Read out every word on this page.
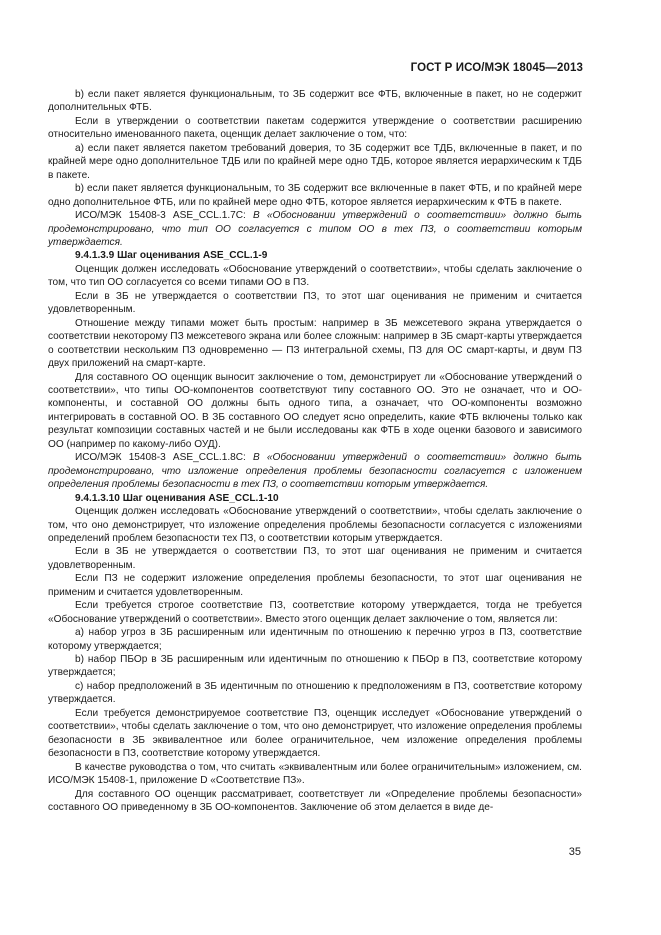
ГОСТ Р ИСО/МЭК 18045—2013

b) если пакет является функциональным, то ЗБ содержит все ФТБ, включенные в пакет, но не содержит дополнительных ФТБ.

Если в утверждении о соответствии пакетам содержится утверждение о соответствии расширению относительно именованного пакета, оценщик делает заключение о том, что:

a) если пакет является пакетом требований доверия, то ЗБ содержит все ТДБ, включенные в пакет, и по крайней мере одно дополнительное ТДБ или по крайней мере одно ТДБ, которое является иерархическим к ТДБ в пакете.

b) если пакет является функциональным, то ЗБ содержит все включенные в пакет ФТБ, и по крайней мере одно дополнительное ФТБ, или по крайней мере одно ФТБ, которое является иерархическим к ФТБ в пакете.

ИСО/МЭК 15408-3 ASE_CCL.1.7С: В «Обосновании утверждений о соответствии» должно быть продемонстрировано, что тип ОО согласуется с типом ОО в тех ПЗ, о соответствии которым утверждается.

9.4.1.3.9 Шаг оценивания ASE_CCL.1-9

Оценщик должен исследовать «Обоснование утверждений о соответствии», чтобы сделать заключение о том, что тип ОО согласуется со всеми типами ОО в ПЗ.

Если в ЗБ не утверждается о соответствии ПЗ, то этот шаг оценивания не применим и считается удовлетворенным.

Отношение между типами может быть простым: например в ЗБ межсетевого экрана утверждается о соответствии некоторому ПЗ межсетевого экрана или более сложным: например в ЗБ смарт-карты утверждается о соответствии нескольким ПЗ одновременно — ПЗ интегральной схемы, ПЗ для ОС смарт-карты, и двум ПЗ двух приложений на смарт-карте.

Для составного ОО оценщик выносит заключение о том, демонстрирует ли «Обоснование утверждений о соответствии», что типы ОО-компонентов соответствуют типу составного ОО. Это не означает, что и ОО-компоненты, и составной ОО должны быть одного типа, а означает, что ОО-компоненты возможно интегрировать в составной ОО. В ЗБ составного ОО следует ясно определить, какие ФТБ включены только как результат композиции составных частей и не были исследованы как ФТБ в ходе оценки базового и зависимого ОО (например по какому-либо ОУД).

ИСО/МЭК 15408-3 ASE_CCL.1.8С: В «Обосновании утверждений о соответствии» должно быть продемонстрировано, что изложение определения проблемы безопасности согласуется с изложением определения проблемы безопасности в тех ПЗ, о соответствии которым утверждается.

9.4.1.3.10 Шаг оценивания ASE_CCL.1-10

Оценщик должен исследовать «Обоснование утверждений о соответствии», чтобы сделать заключение о том, что оно демонстрирует, что изложение определения проблемы безопасности согласуется с изложениями определений проблем безопасности тех ПЗ, о соответствии которым утверждается.

Если в ЗБ не утверждается о соответствии ПЗ, то этот шаг оценивания не применим и считается удовлетворенным.

Если ПЗ не содержит изложение определения проблемы безопасности, то этот шаг оценивания не применим и считается удовлетворенным.

Если требуется строгое соответствие ПЗ, соответствие которому утверждается, тогда не требуется «Обоснование утверждений о соответствии». Вместо этого оценщик делает заключение о том, является ли:

a) набор угроз в ЗБ расширенным или идентичным по отношению к перечню угроз в ПЗ, соответствие которому утверждается;

b) набор ПБОр в ЗБ расширенным или идентичным по отношению к ПБОр в ПЗ, соответствие которому утверждается;

c) набор предположений в ЗБ идентичным по отношению к предположениям в ПЗ, соответствие которому утверждается.

Если требуется демонстрируемое соответствие ПЗ, оценщик исследует «Обоснование утверждений о соответствии», чтобы сделать заключение о том, что оно демонстрирует, что изложение определения проблемы безопасности в ЗБ эквивалентное или более ограничительное, чем изложение определения проблемы безопасности в ПЗ, соответствие которому утверждается.

В качестве руководства о том, что считать «эквивалентным или более ограничительным» изложением, см. ИСО/МЭК 15408-1, приложение D «Соответствие ПЗ».

Для составного ОО оценщик рассматривает, соответствует ли «Определение проблемы безопасности» составного ОО приведенному в ЗБ ОО-компонентов. Заключение об этом делается в виде де-

35
